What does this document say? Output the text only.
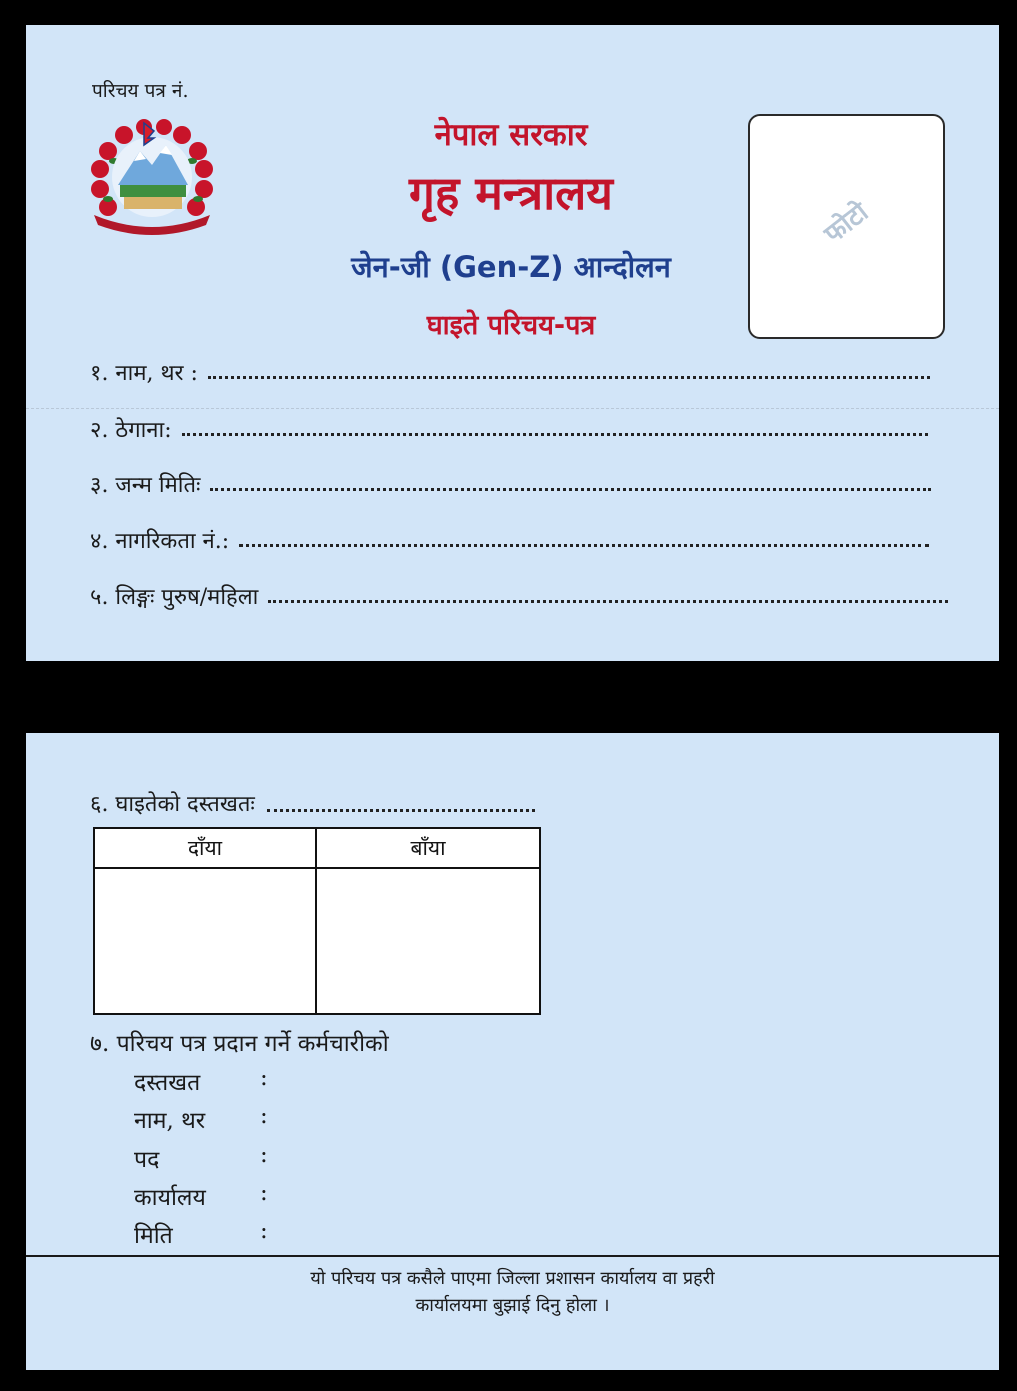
परिचय पत्र नं.
नेपाल सरकार
गृह मन्त्रालय
जेन-जी (Gen-Z) आन्दोलन
घाइते परिचय-पत्र
फोटो
१. नाम, थर :
२. ठेगाना:
३. जन्म मितिः
४. नागरिकता नं.:
५. लिङ्गः पुरुष/महिला
६. घाइतेको दस्तखतः
दाँया	बाँया
७. परिचय पत्र प्रदान गर्ने कर्मचारीको
दस्तखत	:
नाम, थर	:
पद	:
कार्यालय	:
मिति	:
यो परिचय पत्र कसैले पाएमा जिल्ला प्रशासन कार्यालय वा प्रहरी
कार्यालयमा बुझाई दिनु होला ।
